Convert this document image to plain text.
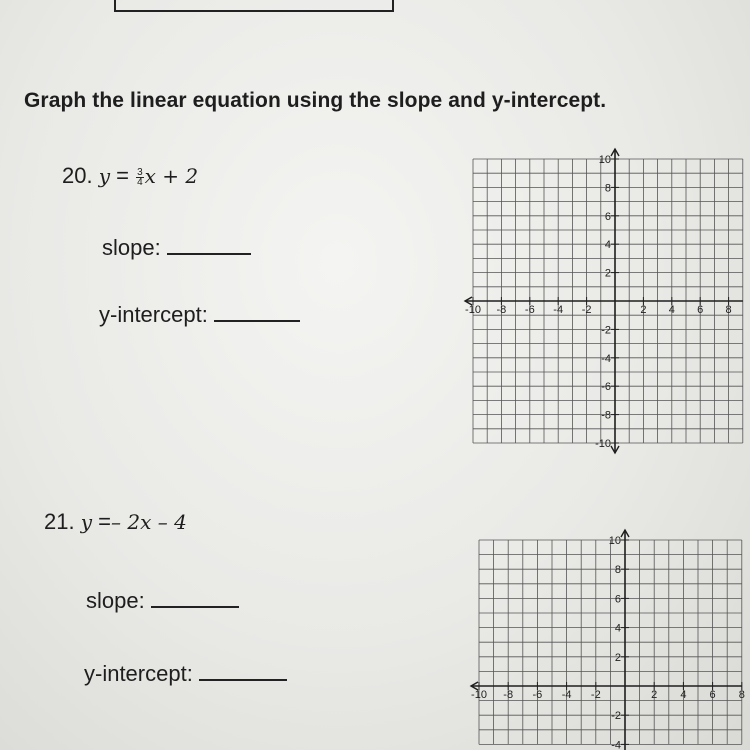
Graph the linear equation using the slope and y-intercept.
20. $y = \frac{3}{4}$ x + 2
slope:
y-intercept:	-10 -8 -6 -4 -2	2 4 6 8
10
8
6
4
2
-2
-4
-6
-8
-10
21. y =– 2x – 4
slope:
y-intercept:
-10 -8 -6 -4 -2	2 4 6 8
10
8
6
4
2
-2
-4
